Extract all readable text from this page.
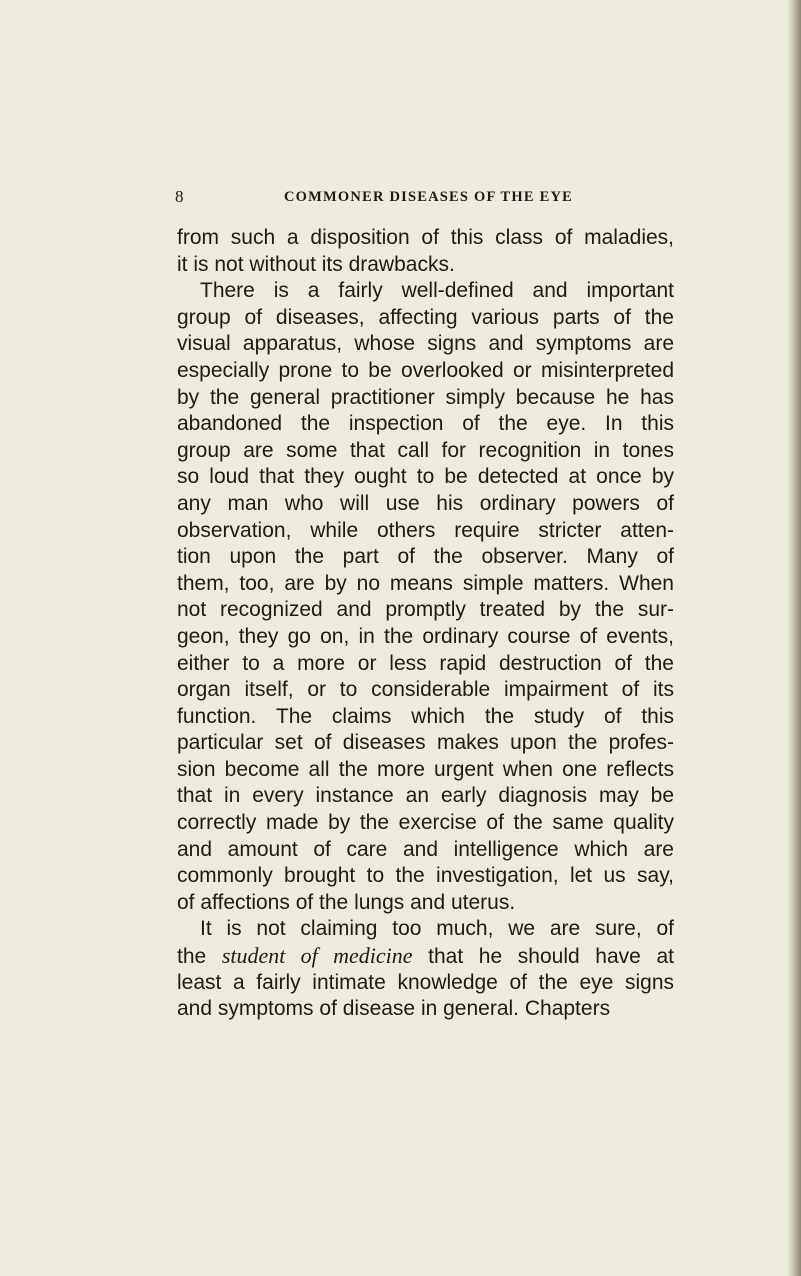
8	COMMONER DISEASES OF THE EYE
from such a disposition of this class of maladies,
it is not without its drawbacks.
There is a fairly well-defined and important
group of diseases, affecting various parts of the
visual apparatus, whose signs and symptoms are
especially prone to be overlooked or misinterpreted
by the general practitioner simply because he has
abandoned the inspection of the eye. In this
group are some that call for recognition in tones
so loud that they ought to be detected at once by
any man who will use his ordinary powers of
observation, while others require stricter atten-
tion upon the part of the observer. Many of
them, too, are by no means simple matters. When
not recognized and promptly treated by the sur-
geon, they go on, in the ordinary course of events,
either to a more or less rapid destruction of the
organ itself, or to considerable impairment of its
function. The claims which the study of this
particular set of diseases makes upon the profes-
sion become all the more urgent when one reflects
that in every instance an early diagnosis may be
correctly made by the exercise of the same quality
and amount of care and intelligence which are
commonly brought to the investigation, let us say,
of affections of the lungs and uterus.
It is not claiming too much, we are sure, of
the student of medicine that he should have at
least a fairly intimate knowledge of the eye signs
and symptoms of disease in general. Chapters
